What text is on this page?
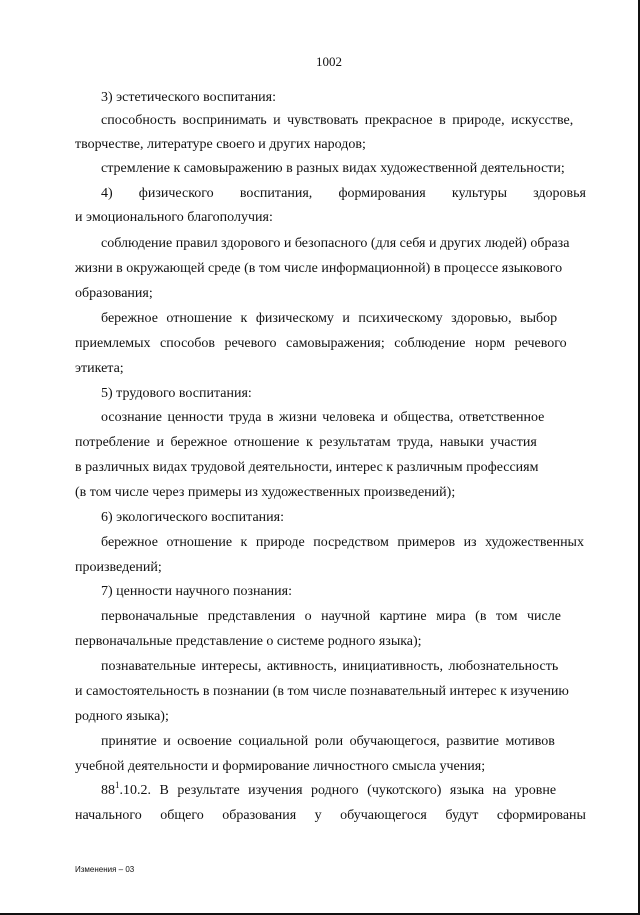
1002
3) эстетического воспитания:
способность воспринимать и чувствовать прекрасное в природе, искусстве,
творчестве, литературе своего и других народов;
стремление к самовыражению в разных видах художественной деятельности;
4) физического воспитания, формирования культуры здоровья
и эмоционального благополучия:
соблюдение правил здорового и безопасного (для себя и других людей) образа
жизни в окружающей среде (в том числе информационной) в процессе языкового
образования;
бережное отношение к физическому и психическому здоровью, выбор
приемлемых способов речевого самовыражения; соблюдение норм речевого
этикета;
5) трудового воспитания:
осознание ценности труда в жизни человека и общества, ответственное
потребление и бережное отношение к результатам труда, навыки участия
в различных видах трудовой деятельности, интерес к различным профессиям
(в том числе через примеры из художественных произведений);
6) экологического воспитания:
бережное отношение к природе посредством примеров из художественных
произведений;
7) ценности научного познания:
первоначальные представления о научной картине мира (в том числе
первоначальные представление о системе родного языка);
познавательные интересы, активность, инициативность, любознательность
и самостоятельность в познании (в том числе познавательный интерес к изучению
родного языка);
принятие и освоение социальной роли обучающегося, развитие мотивов
учебной деятельности и формирование личностного смысла учения;
$88^1.10.2$. В результате изучения родного (чукотского) языка на уровне
начального общего образования у обучающегося будут сформированы
Изменения – 03
